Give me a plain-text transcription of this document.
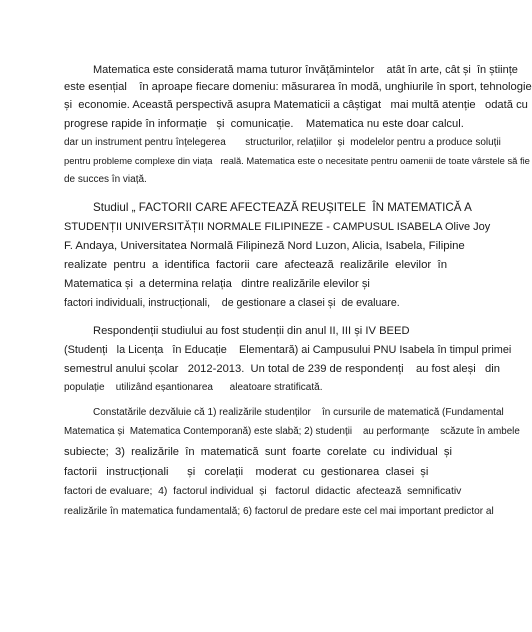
Matematica este considerată mama tuturor învățămintelor    atât în arte, cât și  în științe
este esențial    în aproape fiecare domeniu: măsurarea în modă, unghiurile în sport, tehnologie
și  economie. Această perspectivă asupra Matematicii a câștigat   mai multă atenție   odată cu
progrese rapide în informație   și  comunicație.    Matematica nu este doar calcul.
dar un instrument pentru înțelegerea       structurilor, relațiilor  și  modelelor pentru a produce soluții
pentru probleme complexe din viața   reală. Matematica este o necesitate pentru oamenii de toate vârstele să fie
de succes în viață.
Studiul „ FACTORII CARE AFECTEAZĂ REUȘITELE  ÎN MATEMATICĂ A
STUDENȚII UNIVERSITĂȚII NORMALE FILIPINEZE - CAMPUSUL ISABELA Olive Joy
F. Andaya, Universitatea Normală Filipineză Nord Luzon, Alicia, Isabela, Filipine
realizate  pentru  a  identifica  factorii  care  afectează  realizările  elevilor  în
Matematica și  a determina relația   dintre realizările elevilor și
factori individuali, instrucționali,    de gestionare a clasei și  de evaluare.
Respondenții studiului au fost studenții din anul II, III și IV BEED
(Studenți   la Licența   în Educație    Elementară) ai Campusului PNU Isabela în timpul primei
semestrul anului școlar   2012-2013.  Un total de 239 de respondenți    au fost aleși   din
populație    utilizând eșantionarea      aleatoare stratificată.
Constatările dezvăluie că 1) realizările studenților    în cursurile de matematică (Fundamental
Matematica și  Matematica Contemporană) este slabă; 2) studenții    au performanțe    scăzute în ambele
subiecte;  3)  realizările  în  matematică  sunt  foarte  corelate  cu  individual  și
factorii   instrucționali      și   corelații    moderat  cu  gestionarea  clasei  și
factori de evaluare;  4)  factorul individual  și   factorul  didactic  afectează  semnificativ
realizările în matematica fundamentală; 6) factorul de predare este cel mai important predictor al
